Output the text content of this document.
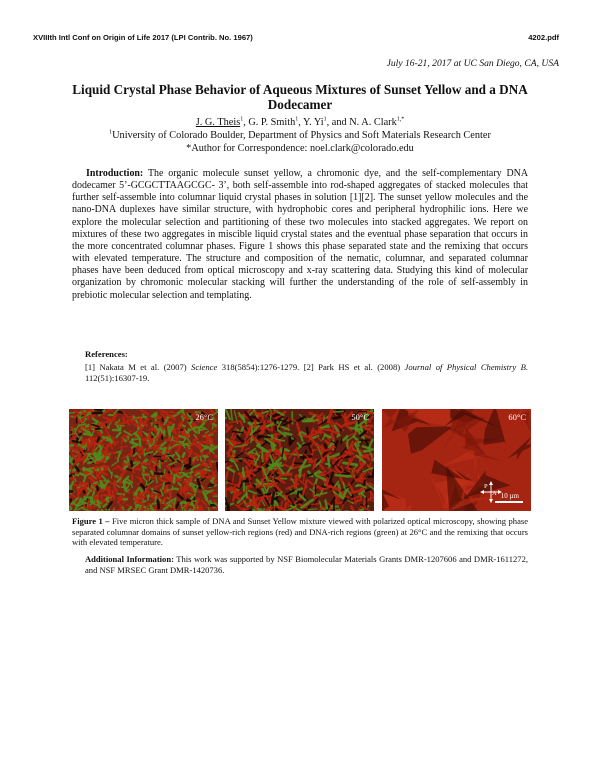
XVIIIth Intl Conf on Origin of Life 2017 (LPI Contrib. No. 1967)	4202.pdf
July 16-21, 2017 at UC San Diego, CA, USA
Liquid Crystal Phase Behavior of Aqueous Mixtures of Sunset Yellow and a DNA Dodecamer
J. G. Theis$^1$, G. P. Smith$^1$, Y. Yi$^1$, and N. A. Clark$^{1,*}$
$^1$University of Colorado Boulder, Department of Physics and Soft Materials Research Center
*Author for Correspondence: noel.clark@colorado.edu

Introduction: The organic molecule sunset yellow, a chromonic dye, and the self-complementary DNA dodecamer 5’-GCGCTTAAGCGC- 3’, both self-assemble into rod-shaped aggregates of stacked molecules that further self-assemble into columnar liquid crystal phases in solution [1][2]. The sunset yellow molecules and the nano-DNA duplexes have similar structure, with hydrophobic cores and peripheral hydrophilic ions. Here we explore the molecular selection and partitioning of these two molecules into stacked aggregates. We report on mixtures of these two aggregates in miscible liquid crystal states and the eventual phase separation that occurs in the more concentrated columnar phases. Figure 1 shows this phase separated state and the remixing that occurs with elevated temperature. The structure and composition of the nematic, columnar, and separated columnar phases have been deduced from optical microscopy and x-ray scattering data. Studying this kind of molecular organization by chromonic molecular stacking will further the understanding of the role of self-assembly in prebiotic molecular selection and templating.

References:

[1] Nakata M et al. (2007) Science 318(5854):1276-1279. [2] Park HS et al. (2008) Journal of Physical Chemistry B. 112(51):16307-19.

26°C	50°C	60°C
P
A 10 µm

Figure 1 – Five micron thick sample of DNA and Sunset Yellow mixture viewed with polarized optical microscopy, showing phase separated columnar domains of sunset yellow-rich regions (red) and DNA-rich regions (green) at 26°C and the remixing that occurs with elevated temperature.

Additional Information: This work was supported by NSF Biomolecular Materials Grants DMR-1207606 and DMR-1611272, and NSF MRSEC Grant DMR-1420736.
